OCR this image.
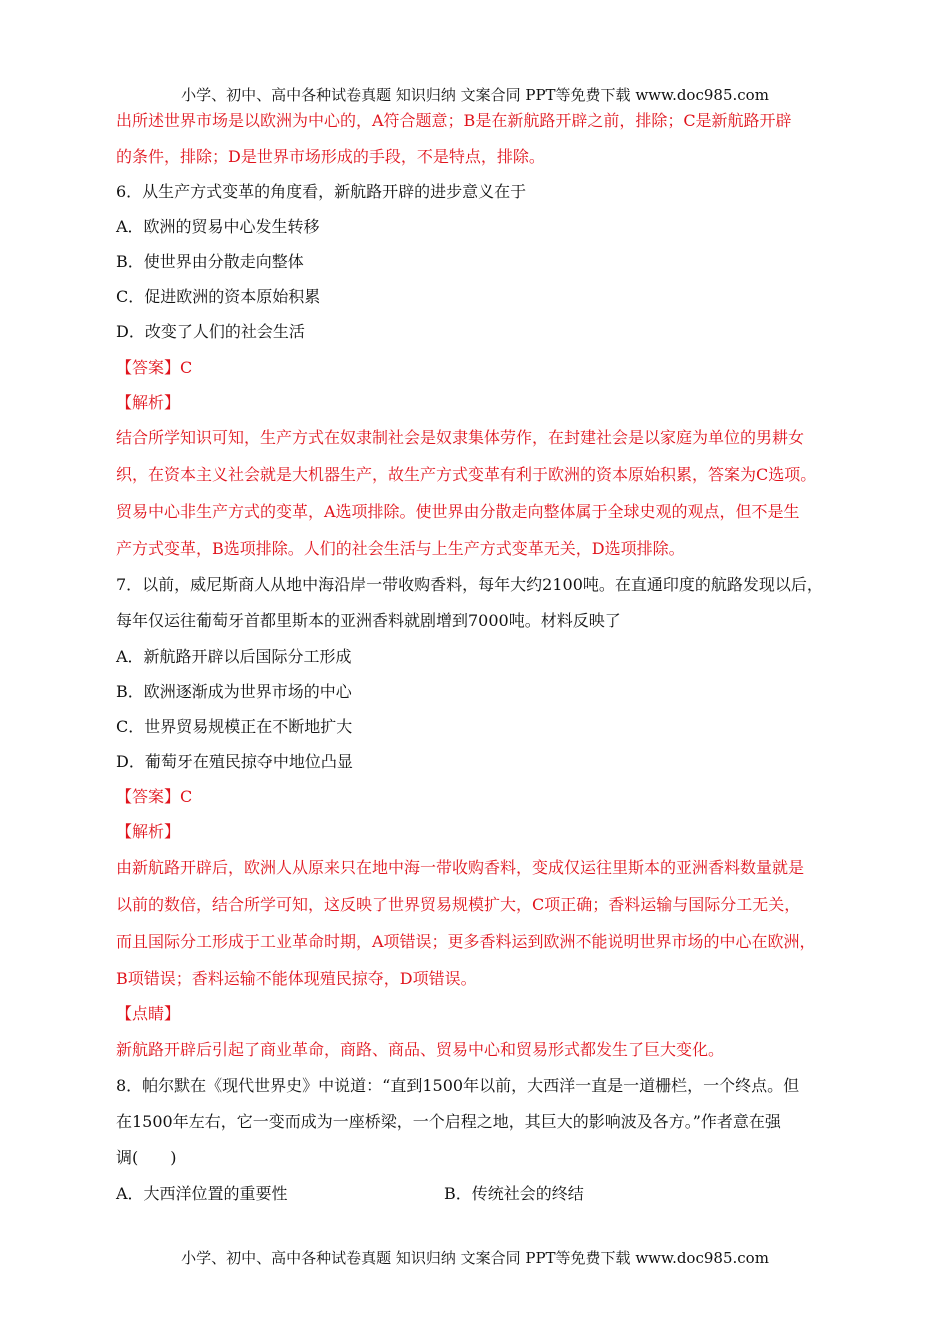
小学、初中、高中各种试卷真题 知识归纳 文案合同 PPT等免费下载 www.doc985.com
出所述世界市场是以欧洲为中心的，A符合题意；B是在新航路开辟之前，排除；C是新航路开辟
的条件，排除；D是世界市场形成的手段，不是特点，排除。
6．从生产方式变革的角度看，新航路开辟的进步意义在于
A．欧洲的贸易中心发生转移
B．使世界由分散走向整体
C．促进欧洲的资本原始积累
D．改变了人们的社会生活
【答案】C
【解析】
结合所学知识可知，生产方式在奴隶制社会是奴隶集体劳作，在封建社会是以家庭为单位的男耕女
织，在资本主义社会就是大机器生产，故生产方式变革有利于欧洲的资本原始积累，答案为C选项。
贸易中心非生产方式的变革，A选项排除。使世界由分散走向整体属于全球史观的观点，但不是生
产方式变革，B选项排除。人们的社会生活与上生产方式变革无关，D选项排除。
7．以前，威尼斯商人从地中海沿岸一带收购香料，每年大约2100吨。在直通印度的航路发现以后，
每年仅运往葡萄牙首都里斯本的亚洲香料就剧增到7000吨。材料反映了
A．新航路开辟以后国际分工形成
B．欧洲逐渐成为世界市场的中心
C．世界贸易规模正在不断地扩大
D．葡萄牙在殖民掠夺中地位凸显
【答案】C
【解析】
由新航路开辟后，欧洲人从原来只在地中海一带收购香料，变成仅运往里斯本的亚洲香料数量就是
以前的数倍，结合所学可知，这反映了世界贸易规模扩大，C项正确；香料运输与国际分工无关，
而且国际分工形成于工业革命时期，A项错误；更多香料运到欧洲不能说明世界市场的中心在欧洲，
B项错误；香料运输不能体现殖民掠夺，D项错误。
【点睛】
新航路开辟后引起了商业革命，商路、商品、贸易中心和贸易形式都发生了巨大变化。
8．帕尔默在《现代世界史》中说道：“直到1500年以前，大西洋一直是一道栅栏，一个终点。但
在1500年左右，它一变而成为一座桥梁，一个启程之地，其巨大的影响波及各方。”作者意在强
调(　　)
A．大西洋位置的重要性	B．传统社会的终结
小学、初中、高中各种试卷真题 知识归纳 文案合同 PPT等免费下载 www.doc985.com
